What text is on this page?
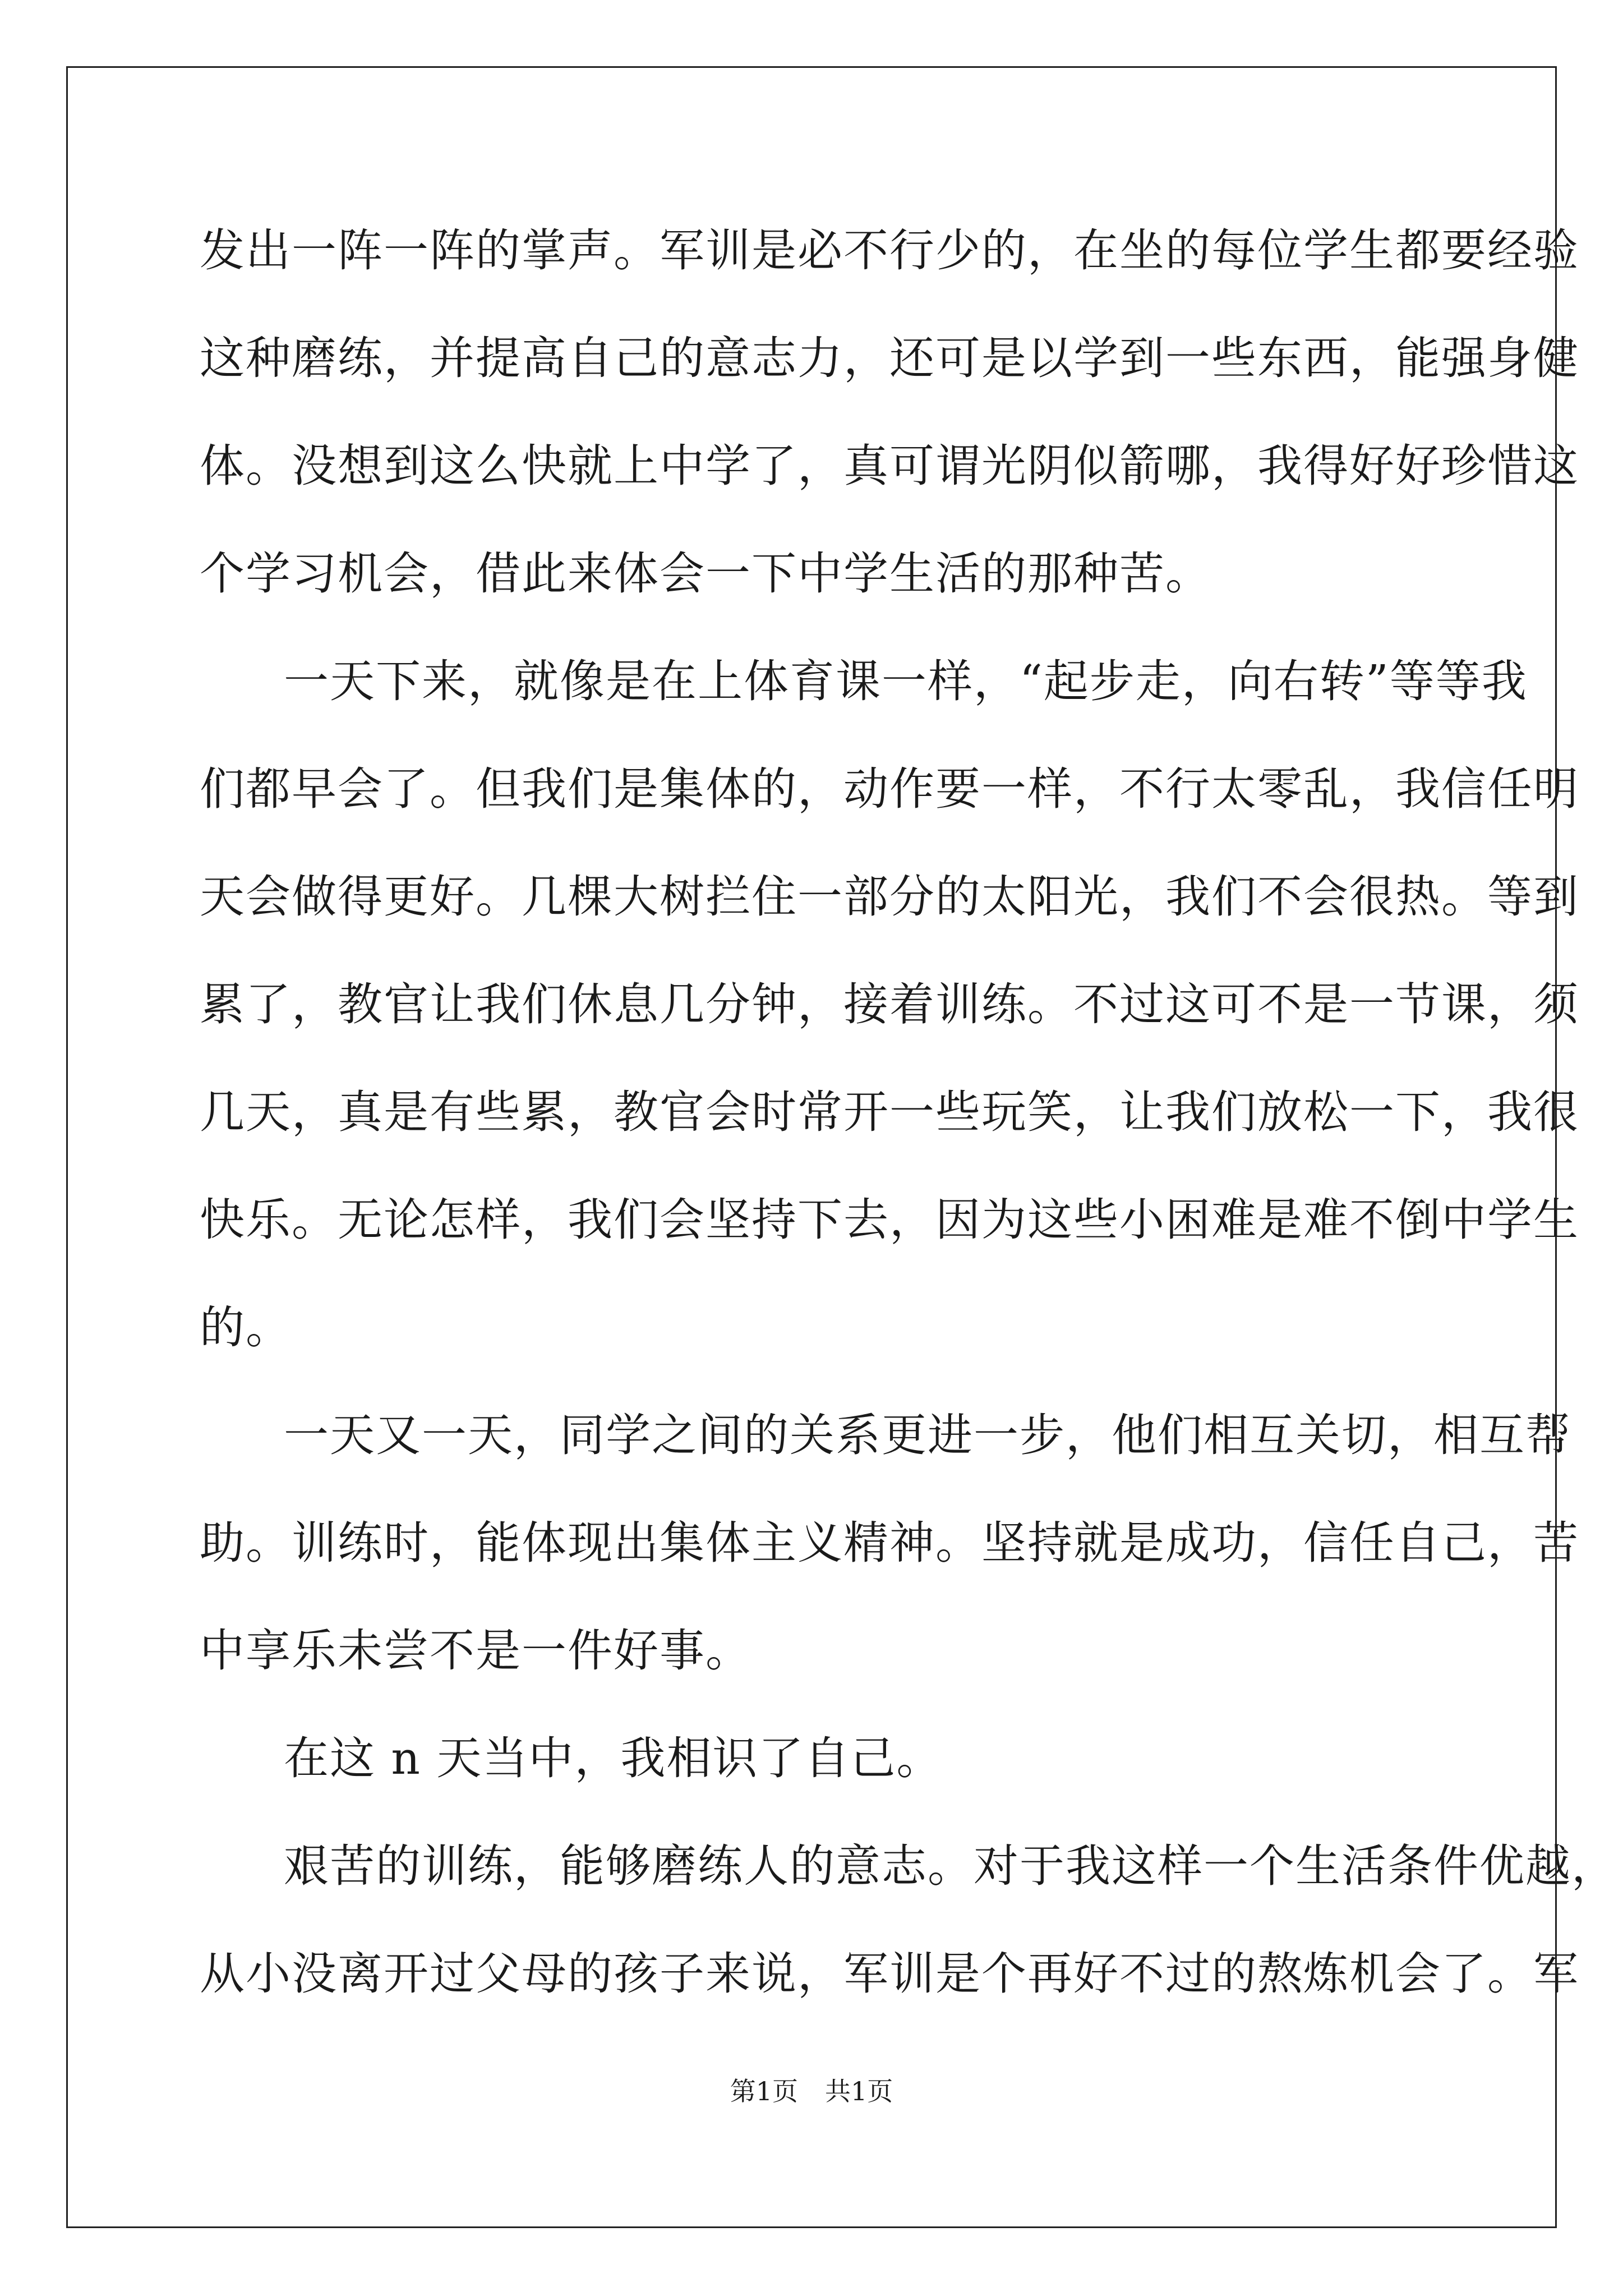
发出一阵一阵的掌声。军训是必不行少的，在坐的每位学生都要经验
这种磨练，并提高自己的意志力，还可是以学到一些东西，能强身健
体。没想到这么快就上中学了，真可谓光阴似箭哪，我得好好珍惜这
个学习机会，借此来体会一下中学生活的那种苦。
一天下来，就像是在上体育课一样，“起步走，向右转”等等我
们都早会了。但我们是集体的，动作要一样，不行太零乱，我信任明
天会做得更好。几棵大树拦住一部分的太阳光，我们不会很热。等到
累了，教官让我们休息几分钟，接着训练。不过这可不是一节课，须
几天，真是有些累，教官会时常开一些玩笑，让我们放松一下，我很
快乐。无论怎样，我们会坚持下去，因为这些小困难是难不倒中学生
的。
一天又一天，同学之间的关系更进一步，他们相互关切，相互帮
助。训练时，能体现出集体主义精神。坚持就是成功，信任自己，苦
中享乐未尝不是一件好事。
在这 n 天当中，我相识了自己。
艰苦的训练，能够磨练人的意志。对于我这样一个生活条件优越，
从小没离开过父母的孩子来说，军训是个再好不过的熬炼机会了。军
第1页 共1页
